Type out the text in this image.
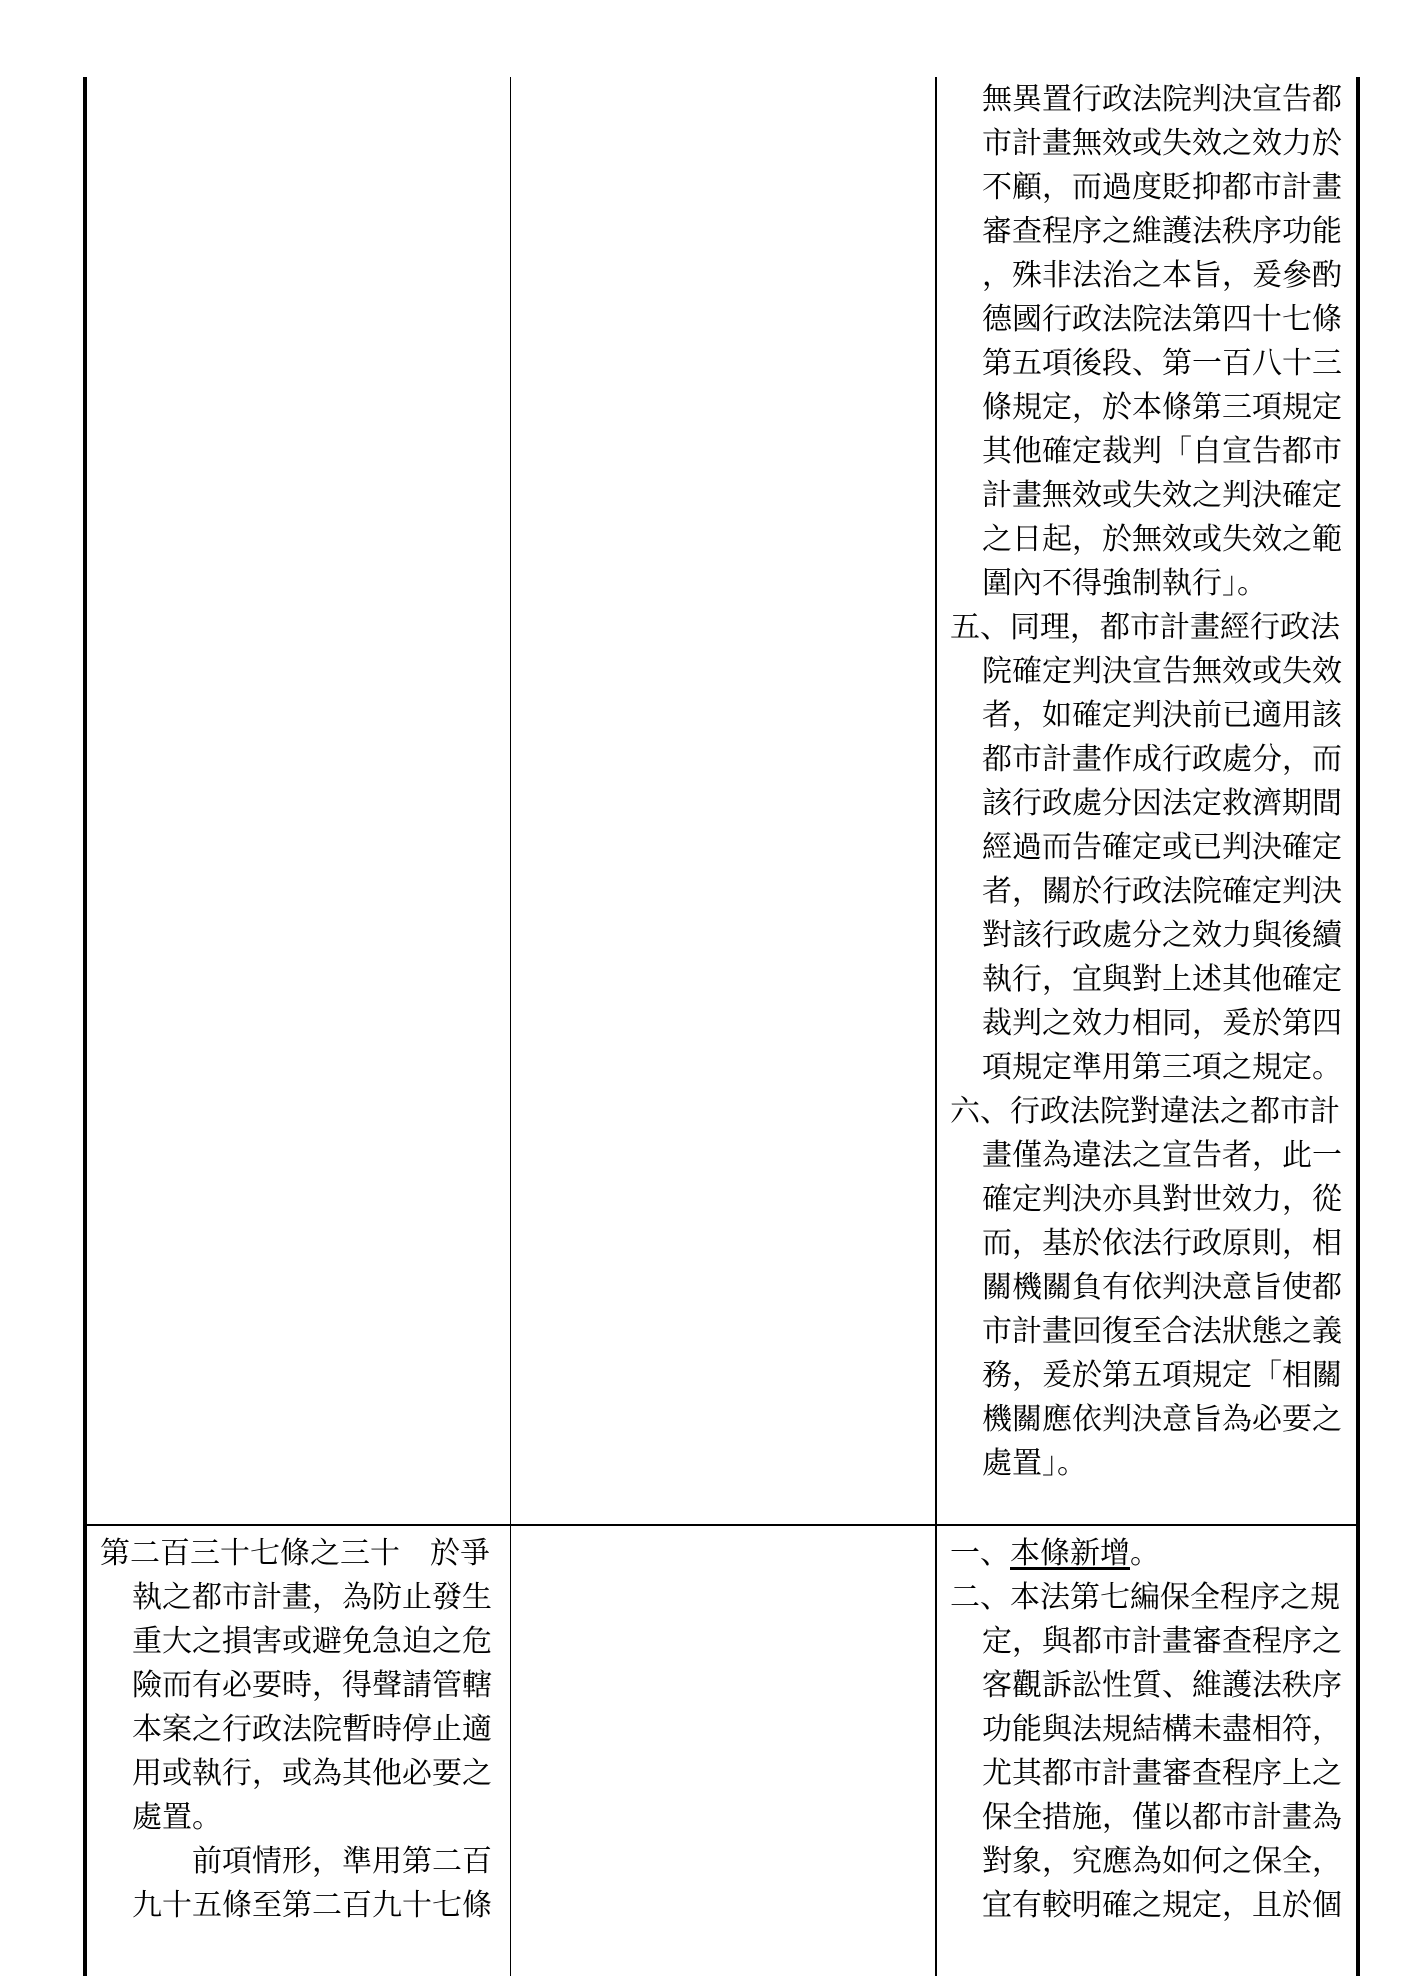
無異置行政法院判決宣告都

市計畫無效或失效之效力於

不顧，而過度貶抑都市計畫

審查程序之維護法秩序功能

，殊非法治之本旨，爰參酌

德國行政法院法第四十七條

第五項後段、第一百八十三

條規定，於本條第三項規定

其他確定裁判「自宣告都市

計畫無效或失效之判決確定

之日起，於無效或失效之範

圍內不得強制執行」。

五、同理，都市計畫經行政法

院確定判決宣告無效或失效

者，如確定判決前已適用該

都市計畫作成行政處分，而

該行政處分因法定救濟期間

經過而告確定或已判決確定

者，關於行政法院確定判決

對該行政處分之效力與後續

執行，宜與對上述其他確定

裁判之效力相同，爰於第四

項規定準用第三項之規定。

六、行政法院對違法之都市計

畫僅為違法之宣告者，此一

確定判決亦具對世效力，從

而，基於依法行政原則，相

關機關負有依判決意旨使都

市計畫回復至合法狀態之義

務，爰於第五項規定「相關

機關應依判決意旨為必要之

處置」。

第二百三十七條之三十　於爭

執之都市計畫，為防止發生

重大之損害或避免急迫之危

險而有必要時，得聲請管轄

本案之行政法院暫時停止適

用或執行，或為其他必要之

處置。

前項情形，準用第二百

九十五條至第二百九十七條

一、本條新增。

二、本法第七編保全程序之規

定，與都市計畫審查程序之

客觀訴訟性質、維護法秩序

功能與法規結構未盡相符，

尤其都市計畫審查程序上之

保全措施，僅以都市計畫為

對象，究應為如何之保全，

宜有較明確之規定，且於個
